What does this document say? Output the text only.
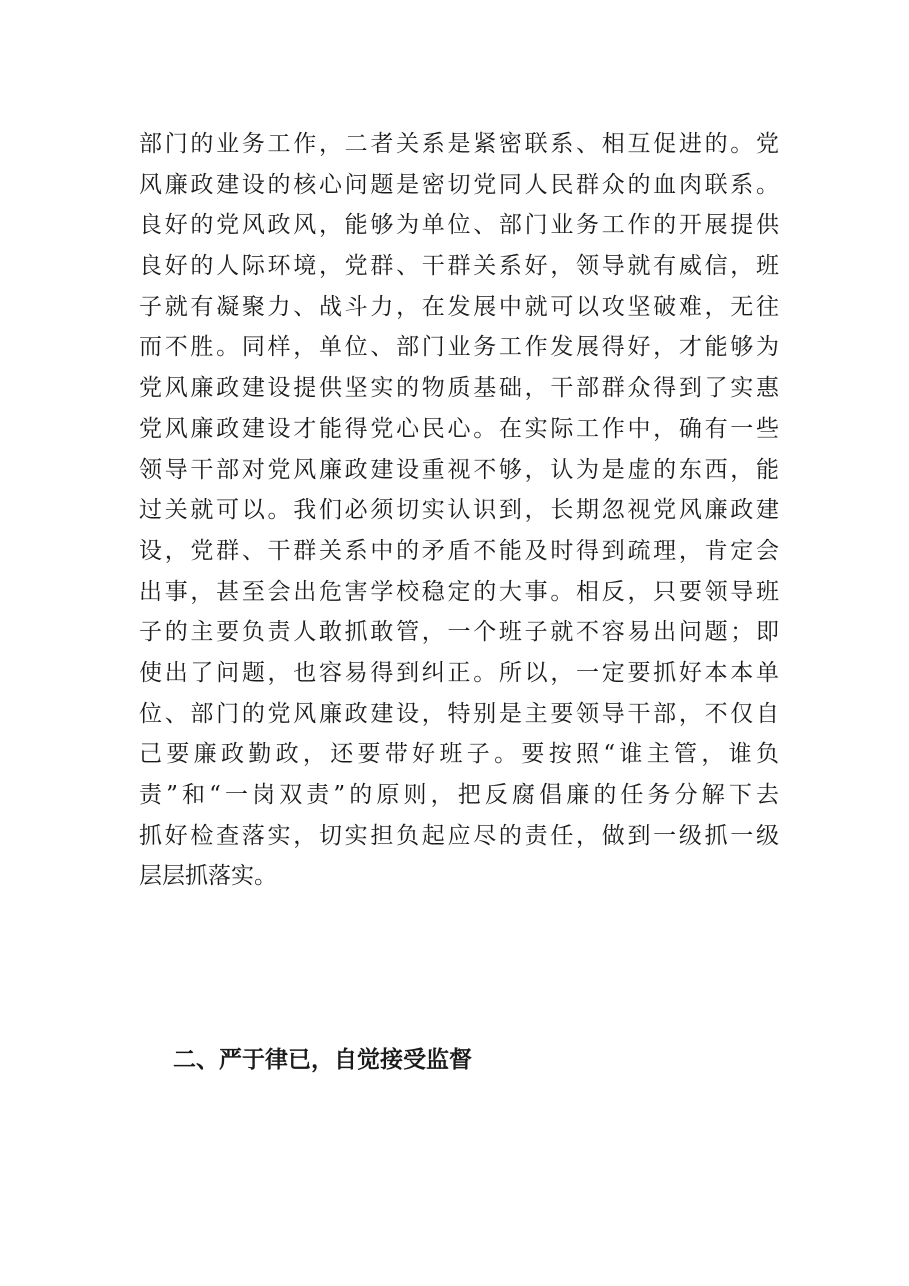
部门的业务工作，二者关系是紧密联系、相互促进的。党
风廉政建设的核心问题是密切党同人民群众的血肉联系。
良好的党风政风，能够为单位、部门业务工作的开展提供
良好的人际环境，党群、干群关系好，领导就有威信，班
子就有凝聚力、战斗力，在发展中就可以攻坚破难，无往
而不胜。同样，单位、部门业务工作发展得好，才能够为
党风廉政建设提供坚实的物质基础，干部群众得到了实惠
党风廉政建设才能得党心民心。在实际工作中，确有一些
领导干部对党风廉政建设重视不够，认为是虚的东西，能
过关就可以。我们必须切实认识到，长期忽视党风廉政建
设，党群、干群关系中的矛盾不能及时得到疏理，肯定会
出事，甚至会出危害学校稳定的大事。相反，只要领导班
子的主要负责人敢抓敢管，一个班子就不容易出问题；即
使出了问题，也容易得到纠正。所以，一定要抓好本本单
位、部门的党风廉政建设，特别是主要领导干部，不仅自
己要廉政勤政，还要带好班子。要按照“谁主管，谁负
责”和“一岗双责”的原则，把反腐倡廉的任务分解下去
抓好检查落实，切实担负起应尽的责任，做到一级抓一级
层层抓落实。
二、严于律已，自觉接受监督
